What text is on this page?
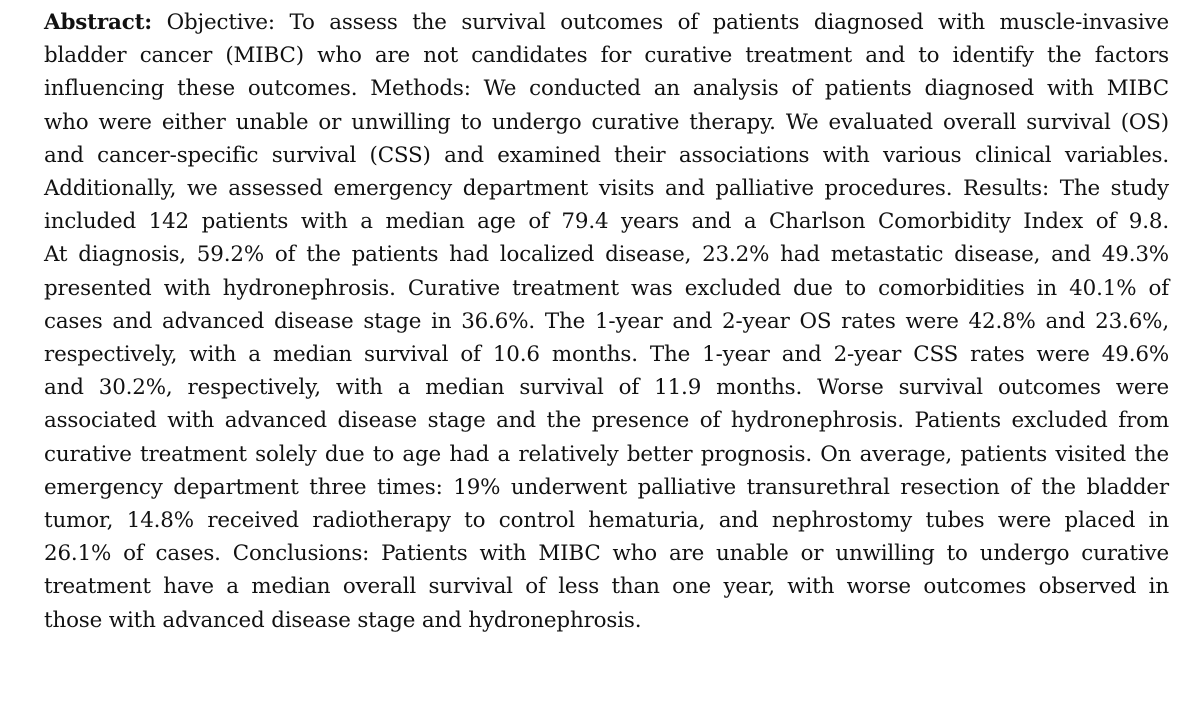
Abstract: Objective: To assess the survival outcomes of patients diagnosed with muscle-invasive
bladder cancer (MIBC) who are not candidates for curative treatment and to identify the factors
influencing these outcomes. Methods: We conducted an analysis of patients diagnosed with MIBC
who were either unable or unwilling to undergo curative therapy. We evaluated overall survival (OS)
and cancer-specific survival (CSS) and examined their associations with various clinical variables.
Additionally, we assessed emergency department visits and palliative procedures. Results: The study
included 142 patients with a median age of 79.4 years and a Charlson Comorbidity Index of 9.8.
At diagnosis, 59.2% of the patients had localized disease, 23.2% had metastatic disease, and 49.3%
presented with hydronephrosis. Curative treatment was excluded due to comorbidities in 40.1% of
cases and advanced disease stage in 36.6%. The 1-year and 2-year OS rates were 42.8% and 23.6%,
respectively, with a median survival of 10.6 months. The 1-year and 2-year CSS rates were 49.6%
and 30.2%, respectively, with a median survival of 11.9 months. Worse survival outcomes were
associated with advanced disease stage and the presence of hydronephrosis. Patients excluded from
curative treatment solely due to age had a relatively better prognosis. On average, patients visited the
emergency department three times: 19% underwent palliative transurethral resection of the bladder
tumor, 14.8% received radiotherapy to control hematuria, and nephrostomy tubes were placed in
26.1% of cases. Conclusions: Patients with MIBC who are unable or unwilling to undergo curative
treatment have a median overall survival of less than one year, with worse outcomes observed in
those with advanced disease stage and hydronephrosis.
